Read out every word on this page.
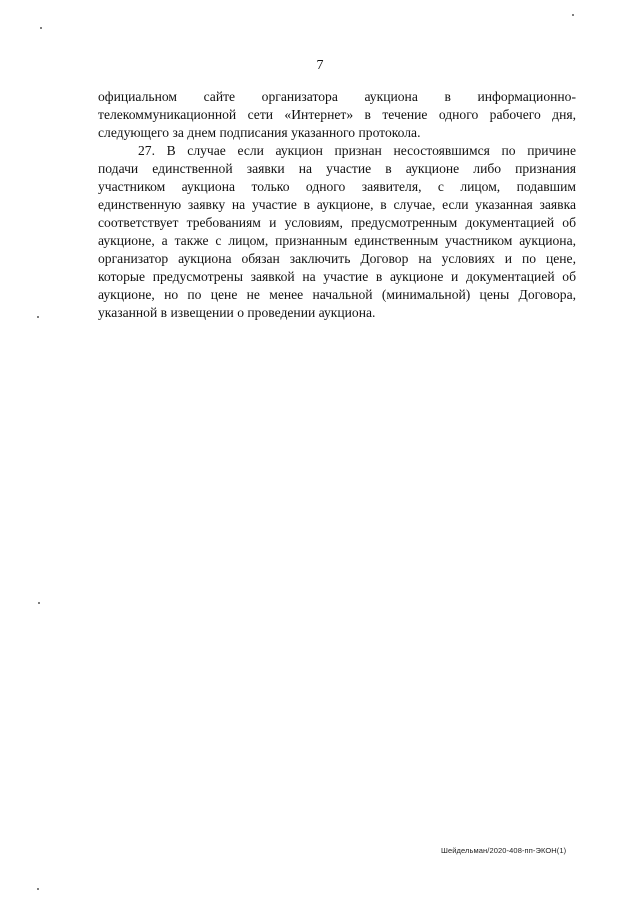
7
официальном сайте организатора аукциона в информационно-
телекоммуникационной сети «Интернет» в течение одного рабочего дня,
следующего за днем подписания указанного протокола.
27. В случае если аукцион признан несостоявшимся по причине
подачи единственной заявки на участие в аукционе либо признания
участником аукциона только одного заявителя, с лицом, подавшим
единственную заявку на участие в аукционе, в случае, если указанная заявка
соответствует требованиям и условиям, предусмотренным документацией об
аукционе, а также с лицом, признанным единственным участником аукциона,
организатор аукциона обязан заключить Договор на условиях и по цене,
которые предусмотрены заявкой на участие в аукционе и документацией об
аукционе, но по цене не менее начальной (минимальной) цены Договора,
указанной в извещении о проведении аукциона.
Шейдельман/2020-408-пп-ЭКОН(1)
